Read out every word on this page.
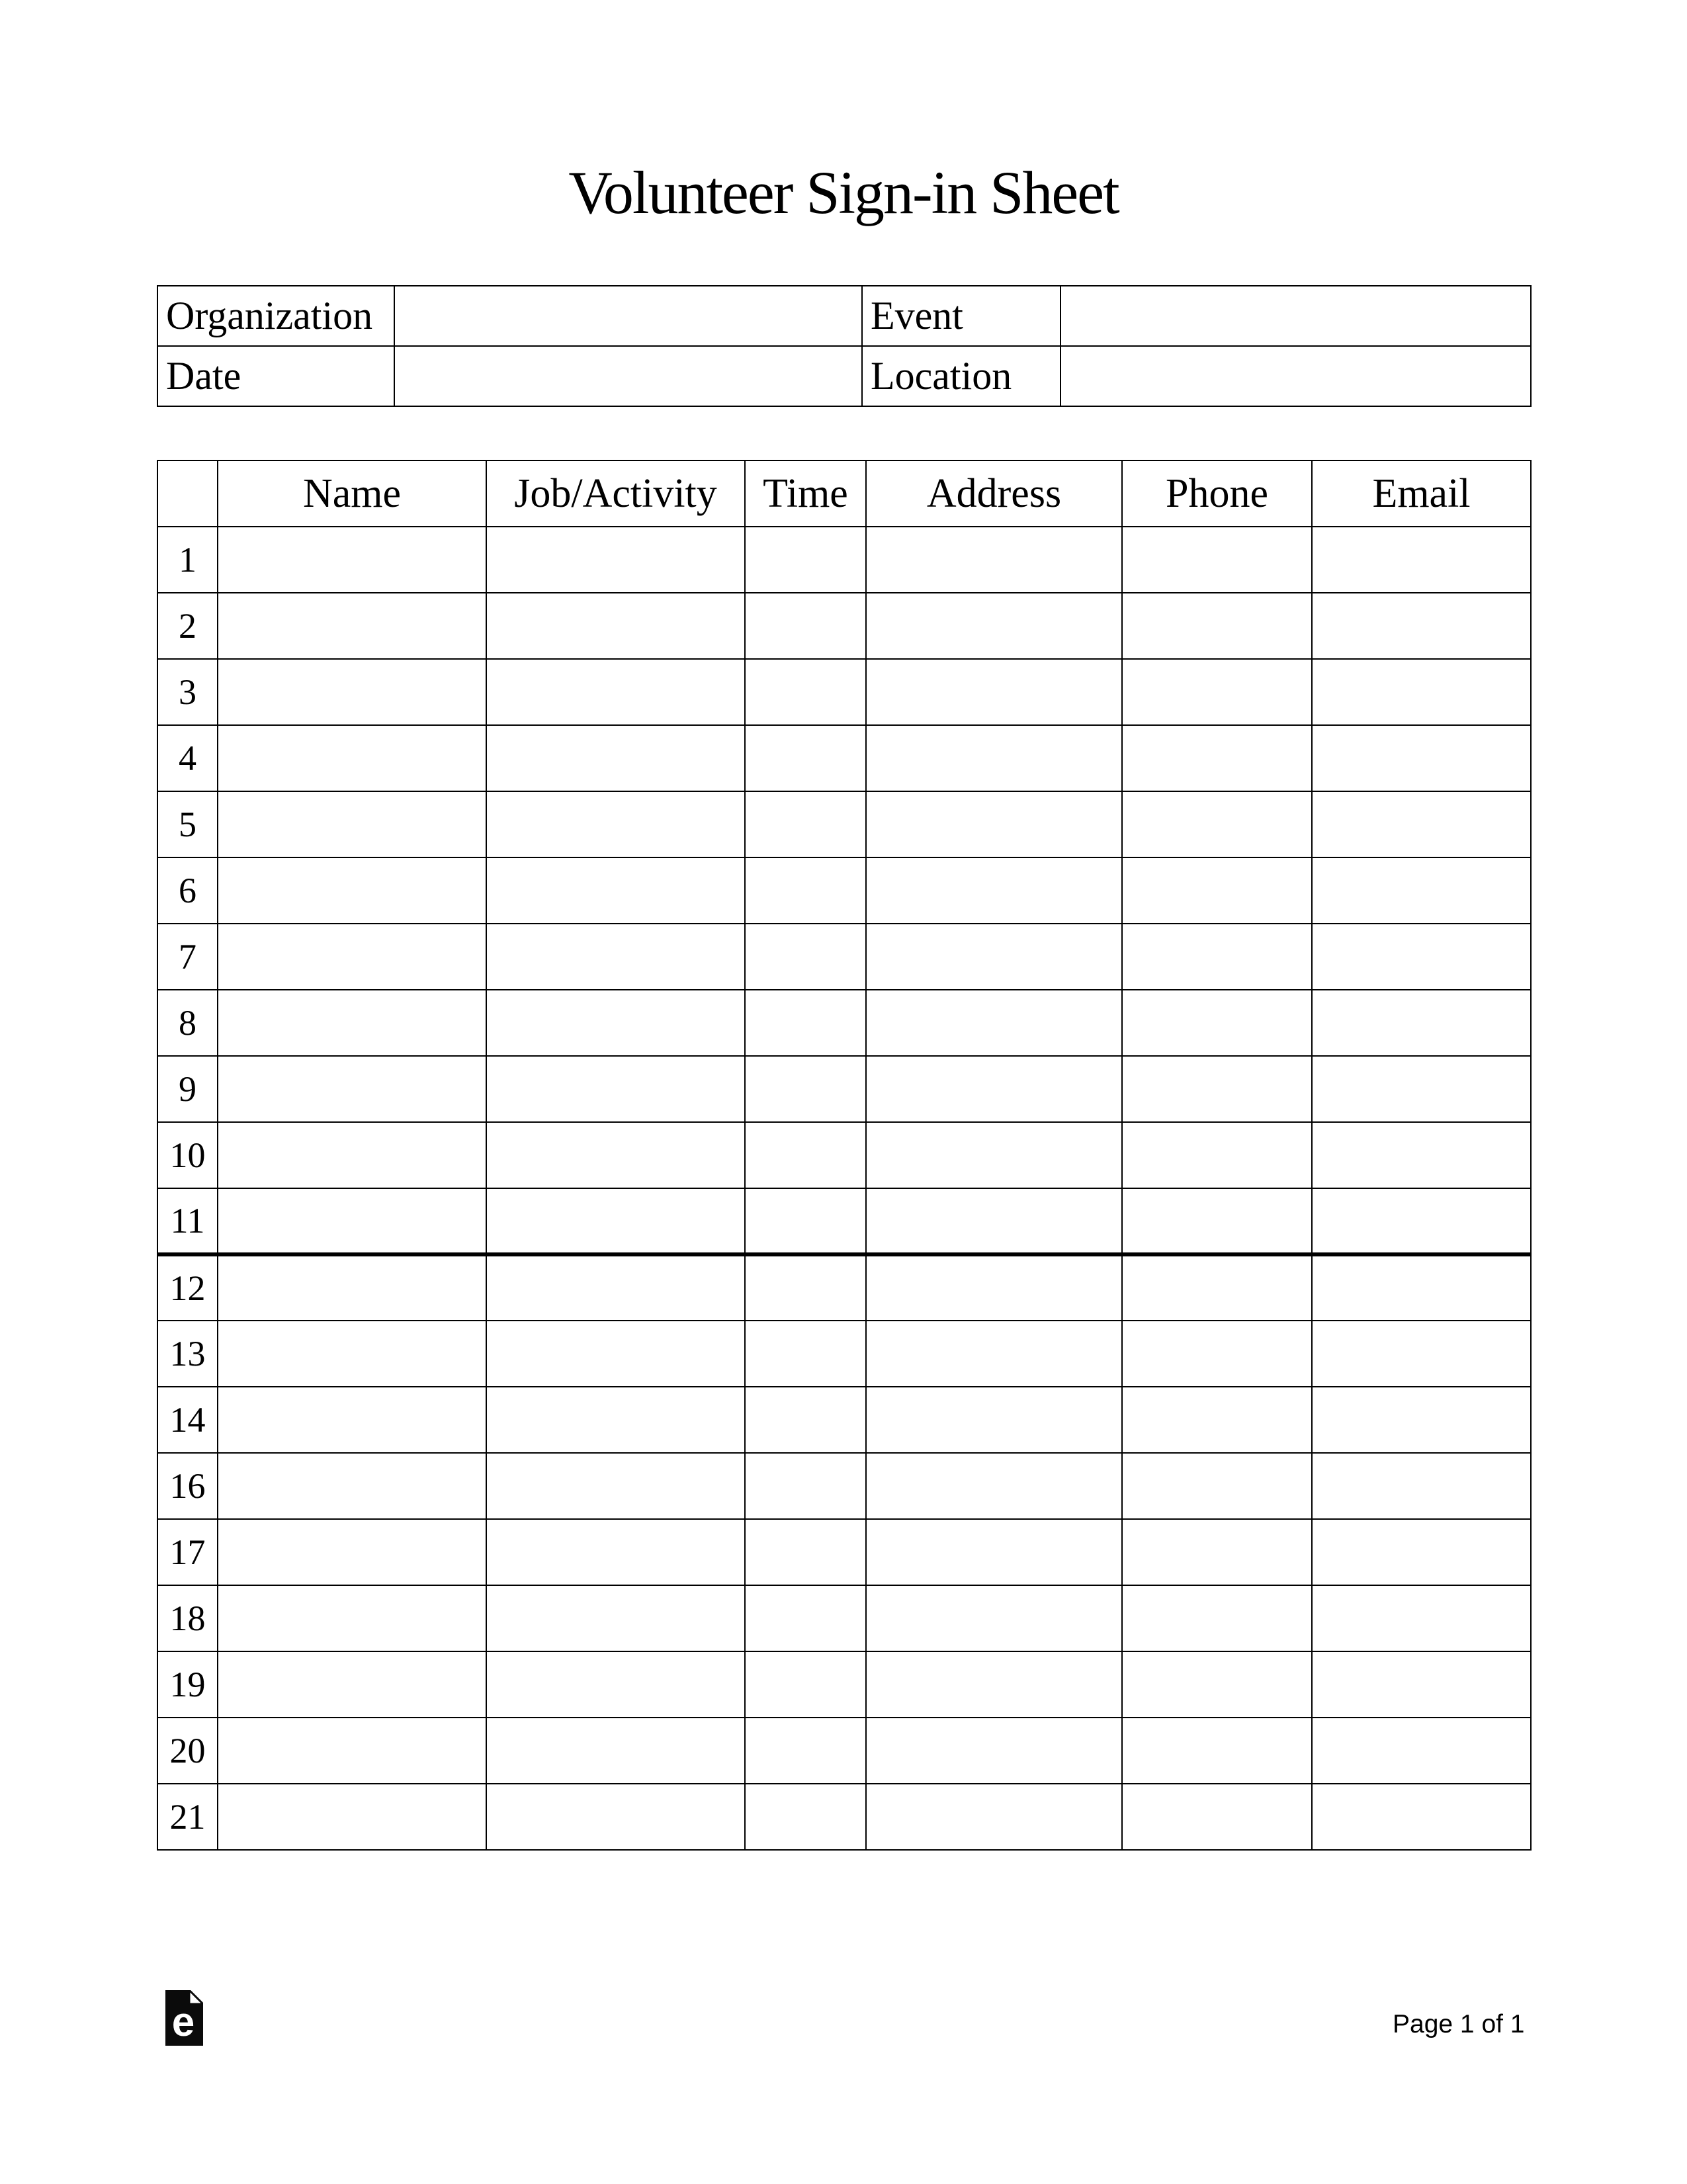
Volunteer Sign-in Sheet
Organization		Event	
Date		Location	
	Name	Job/Activity	Time	Address	Phone	Email
1						
2						
3						
4						
5						
6						
7						
8						
9						
10						
11						
12						
13						
14						
16						
17						
18						
19						
20						
21						
e	Page 1 of 1
